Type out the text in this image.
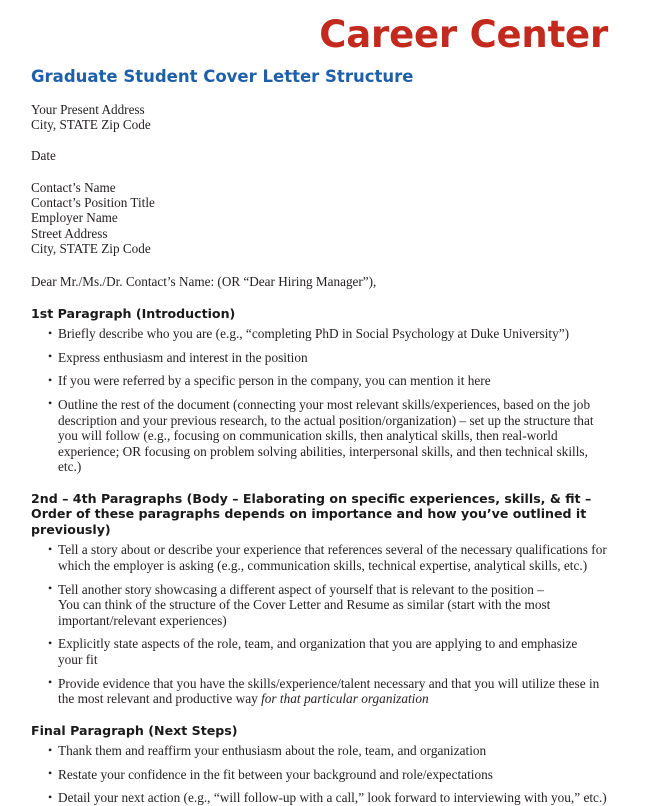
Career Center
Graduate Student Cover Letter Structure
Your Present Address
City, STATE Zip Code
Date
Contact’s Name
Contact’s Position Title
Employer Name
Street Address
City, STATE Zip Code
Dear Mr./Ms./Dr. Contact’s Name: (OR “Dear Hiring Manager”),
1st Paragraph (Introduction)
• Briefly describe who you are (e.g., “completing PhD in Social Psychology at Duke University”)
• Express enthusiasm and interest in the position
• If you were referred by a specific person in the company, you can mention it here
• Outline the rest of the document (connecting your most relevant skills/experiences, based on the job description and your previous research, to the actual position/organization) – set up the structure that you will follow (e.g., focusing on communication skills, then analytical skills, then real-world experience; OR focusing on problem solving abilities, interpersonal skills, and then technical skills, etc.)
2nd – 4th Paragraphs (Body – Elaborating on specific experiences, skills, & fit – Order of these paragraphs depends on importance and how you’ve outlined it previously)
• Tell a story about or describe your experience that references several of the necessary qualifications for which the employer is asking (e.g., communication skills, technical expertise, analytical skills, etc.)
• Tell another story showcasing a different aspect of yourself that is relevant to the position – You can think of the structure of the Cover Letter and Resume as similar (start with the most important/relevant experiences)
• Explicitly state aspects of the role, team, and organization that you are applying to and emphasize your fit
• Provide evidence that you have the skills/experience/talent necessary and that you will utilize these in the most relevant and productive way for that particular organization
Final Paragraph (Next Steps)
• Thank them and reaffirm your enthusiasm about the role, team, and organization
• Restate your confidence in the fit between your background and role/expectations
• Detail your next action (e.g., “will follow-up with a call,” look forward to interviewing with you,” etc.)
